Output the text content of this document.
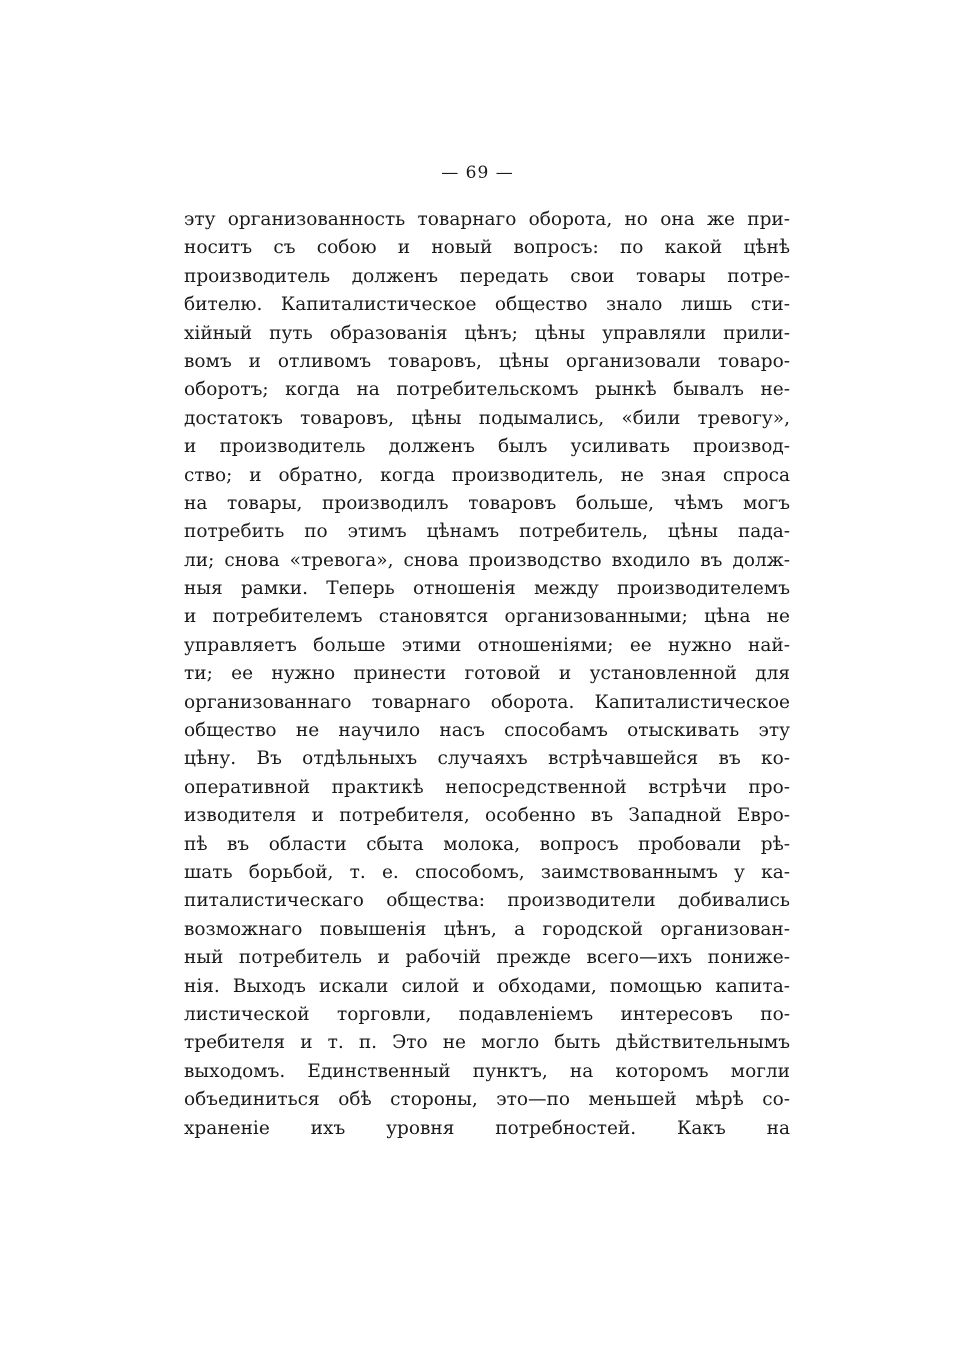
— 69 —
эту организованность товарнаго оборота, но она же при-
носитъ съ собою и новый вопросъ: по какой цѣнѣ
производитель долженъ передать свои товары потре-
бителю. Капиталистическое общество знало лишь сти-
хійный путь образованія цѣнъ; цѣны управляли прили-
вомъ и отливомъ товаровъ, цѣны организовали товаро-
оборотъ; когда на потребительскомъ рынкѣ бывалъ не-
достатокъ товаровъ, цѣны подымались, «били тревогу»,
и производитель долженъ былъ усиливать производ-
ство; и обратно, когда производитель, не зная спроса
на товары, производилъ товаровъ больше, чѣмъ могъ
потребить по этимъ цѣнамъ потребитель, цѣны пада-
ли; снова «тревога», снова производство входило въ долж-
ныя рамки. Теперь отношенія между производителемъ
и потребителемъ становятся организованными; цѣна не
управляетъ больше этими отношеніями; ее нужно най-
ти; ее нужно принести готовой и установленной для
организованнаго товарнаго оборота. Капиталистическое
общество не научило насъ способамъ отыскивать эту
цѣну. Въ отдѣльныхъ случаяхъ встрѣчавшейся въ ко-
оперативной практикѣ непосредственной встрѣчи про-
изводителя и потребителя, особенно въ Западной Евро-
пѣ въ области сбыта молока, вопросъ пробовали рѣ-
шать борьбой, т. е. способомъ, заимствованнымъ у ка-
питалистическаго общества: производители добивались
возможнаго повышенія цѣнъ, а городской организован-
ный потребитель и рабочій прежде всего—ихъ пониже-
нія. Выходъ искали силой и обходами, помощью капита-
листической торговли, подавленіемъ интересовъ по-
требителя и т. п. Это не могло быть дѣйствительнымъ
выходомъ. Единственный пунктъ, на которомъ могли
объединиться обѣ стороны, это—по меньшей мѣрѣ со-
храненіе ихъ уровня потребностей. Какъ на
